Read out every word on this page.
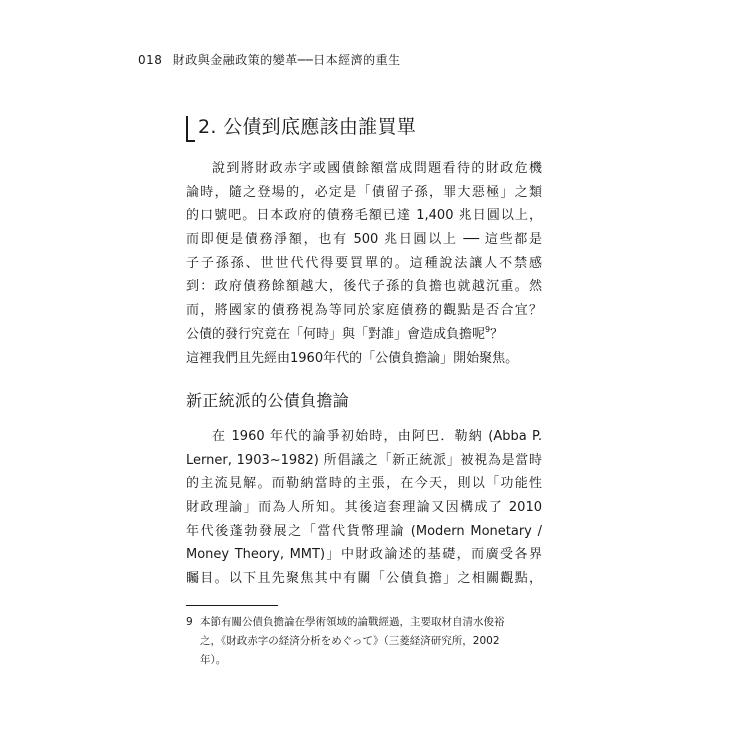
018 財政與金融政策的變革──日本經濟的重生
2. 公債到底應該由誰買單
說到將財政赤字或國債餘額當成問題看待的財政危機
論時，隨之登場的，必定是「債留子孫，罪大惡極」之類
的口號吧。日本政府的債務毛額已達 1,400 兆日圓以上，
而即便是債務淨額，也有 500 兆日圓以上 ── 這些都是
子子孫孫、世世代代得要買單的。這種說法讓人不禁感
到：政府債務餘額越大，後代子孫的負擔也就越沉重。然
而，將國家的債務視為等同於家庭債務的觀點是否合宜？
公債的發行究竟在「何時」與「對誰」會造成負擔呢$^9$？
這裡我們且先經由1960年代的「公債負擔論」開始聚焦。
新正統派的公債負擔論
在 1960 年代的論爭初始時，由阿巴．勒納 (Abba P.
Lerner, 1903~1982) 所倡議之「新正統派」被視為是當時
的主流見解。而勒納當時的主張，在今天，則以「功能性
財政理論」而為人所知。其後這套理論又因構成了 2010
年代後蓬勃發展之「當代貨幣理論 (Modern Monetary /
Money Theory, MMT)」中財政論述的基礎，而廣受各界
矚目。以下且先聚焦其中有關「公債負擔」之相關觀點，
9 本節有關公債負擔論在學術領域的論戰經過，主要取材自清水俊裕
之，《財政赤字の経済分析をめぐって》（三菱経済研究所，2002
年）。
